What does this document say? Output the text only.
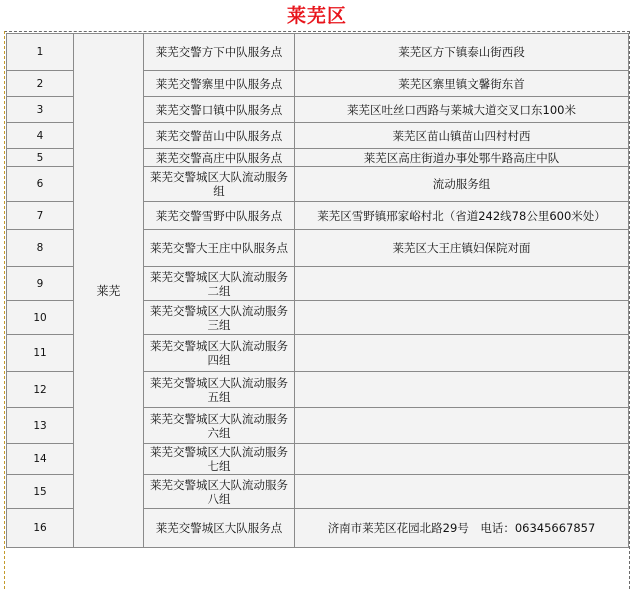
莱芜区
1	莱芜	莱芜交警方下中队服务点	莱芜区方下镇泰山街西段
2		莱芜交警寨里中队服务点	莱芜区寨里镇文馨街东首
3		莱芜交警口镇中队服务点	莱芜区吐丝口西路与莱城大道交叉口东100米
4		莱芜交警苗山中队服务点	莱芜区苗山镇苗山四村村西
5		莱芜交警高庄中队服务点	莱芜区高庄街道办事处鄂牛路高庄中队
6		莱芜交警城区大队流动服务组	流动服务组
7		莱芜交警雪野中队服务点	莱芜区雪野镇邢家峪村北（省道242线78公里600米处）
8		莱芜交警大王庄中队服务点	莱芜区大王庄镇妇保院对面
9		莱芜交警城区大队流动服务二组	
10		莱芜交警城区大队流动服务三组	
11		莱芜交警城区大队流动服务四组	
12		莱芜交警城区大队流动服务五组	
13		莱芜交警城区大队流动服务六组	
14		莱芜交警城区大队流动服务七组	
15		莱芜交警城区大队流动服务八组	
16		莱芜交警城区大队服务点	济南市莱芜区花园北路29号　电话：06345667857
